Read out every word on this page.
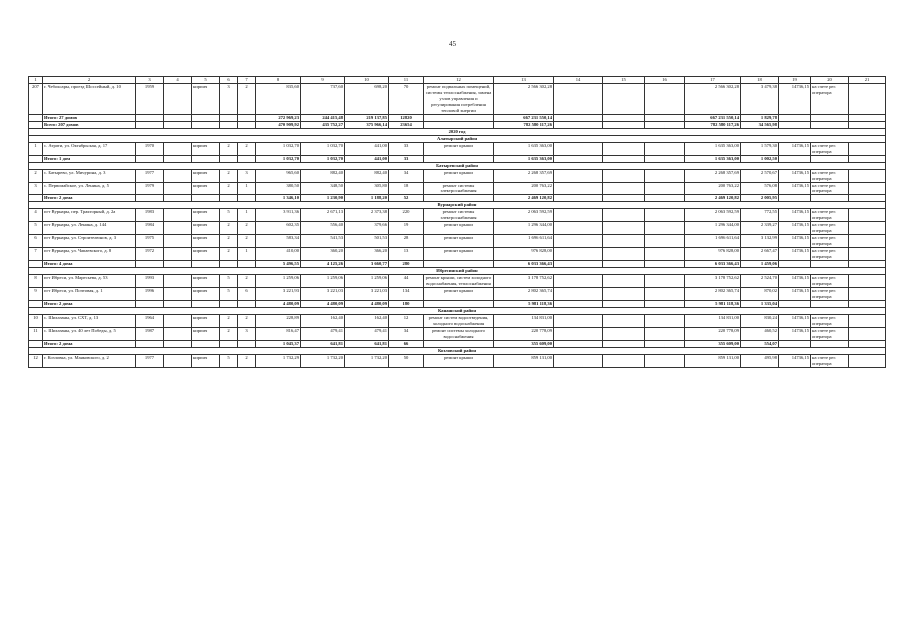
45
1	2	3	4	5	6	7	8	9	10	11	12	13	14	15	16	17	18	19	20	21
207	г. Чебоксары, проезд Шоссейный, д. 10	1959		кирпич	3	2	835,60	737,60	698,20	70	ремонт подвальных помещений, системы теплоснабжения, замена узлов управления и регулирования потребления тепловой энергии	2 566 302,28				2 566 302,28	3 479,38	14736,15	на счете рег. оператора	
	Итого: 27 домов						272 969,23	244 415,48	219 137,85	12820		667 231 550,14				667 231 550,14	1 829,78			
	Всего: 207 домов						470 909,92	435 752,27	375 966,14	23654		782 580 117,26				782 580 117,26	34 565,98			
2020 год																				
Алатырский район																				
1	с. Атрати, ул. Октябрьская, д. 17	1970		кирпич	2	2	1 032,70	1 032,70	441,00	33	ремонт крыши	1 635 363,00				1 635 363,00	1 579,30	14736,15	на счете рег. оператора	
	Итого: 1 дом						1 032,70	1 032,70	441,00	33		1 635 363,00				1 635 363,00	1 002,50			
Батыревский район																				
2	с. Батырево, ул. Мичурина, д. 3	1977		кирпич	2	3	965,60	882,40	882,40	34	ремонт крыши	2 268 357,69				2 268 357,69	2 570,67	14736,15	на счете рег. оператора	
3	с. Первомайское, ул. Ленина, д. 5	1979		кирпич	2	1	380,50	348,50	305,80	18	ремонт системы электроснабжения	200 763,22				200 763,22	576,08	14736,15	на счете рег. оператора	
	Итого: 2 дома						1 346,10	1 230,90	1 188,20	52		2 469 120,82				2 469 120,82	2 005,95			
Вурнарский район																				
4	пгт Вурнары, пер. Тракторный, д. 2а	1983		кирпич	5	1	3 911,36	2 671,13	2 373,38	220	ремонт системы электроснабжения	2 063 592,59				2 063 592,59	772,55	14736,15	на счете рег. оператора	
5	пгт Вурнары, ул. Ленина, д. 144	1984		кирпич	2	2	602,35	556,40	379,66	19	ремонт крыши	1 296 344,00				1 296 344,00	2 339,27	14736,15	на счете рег. оператора	
6	пгт Вурнары, ул. Строителюнов, д. 3	1975		кирпич	2	2	583,34	541,53	501,53	28	ремонт крыши	1 696 611,64				1 696 611,64	3 132,99	14736,15	на счете рег. оператора	
7	пгт Вурнары, ул. Чапаевского, д. 8	1972		кирпич	2	1	410,00	360,20	366,20	13	ремонт крыши	976 828,00				976 828,00	2 667,47	14736,15	на счете рег. оператора	
	Итого: 4 дома						5 496,55	4 125,26	3 660,77	280		6 033 366,43				6 033 366,43	1 459,06			
Ибресинский район																				
8	пгт Ибреси, ул. Маресьева, д. 53	1993		кирпич	5	2	1 259,06	1 259,06	1 259,06	44	ремонт крыши, систем холодного водоснабжения, теплоснабжения	3 178 752,62				3 178 752,62	2 524,70	14736,15	на счете рег. оператора	
9	пгт Ибреси, ул. Почтовая, д. 1	1996		кирпич	5	6	3 221,93	3 221,03	3 221,03	134	ремонт крыши	2 802 365,74				2 802 365,74	870,02	14736,15	на счете рег. оператора	
	Итого: 2 дома						4 480,09	4 480,09	4 480,09	180		5 981 118,36				5 981 118,36	1 335,04			
Канашский район																				
10	с. Шихазаны, ул. СХТ, д. 13	1964		кирпич	2	2	228,89	162,40	162,40	12	ремонт систем водоотведения, холодного водоснабжения	134 831,00				134 831,00	830,24	14736,15	на счете рег. оператора	
11	с. Шихазаны, ул. 40 лет Победы, д. 5	1987		кирпич	2	3	816,47	479,41	479,41	34	ремонт системы холодного водоснабжения	220 778,09				220 778,09	460,52	14736,15	на счете рег. оператора	
	Итого: 2 дома						1 045,37	641,81	641,81	66		355 609,00				355 609,00	554,07			
Козловский район																				
12	г. Козловка, ул. Маяковского, д. 2	1977		кирпич	5	2	1 732,29	1 732,20	1 732,20	50	ремонт крыши	859 131,00				859 131,00	495,98	14736,15	на счете рег. оператора	
